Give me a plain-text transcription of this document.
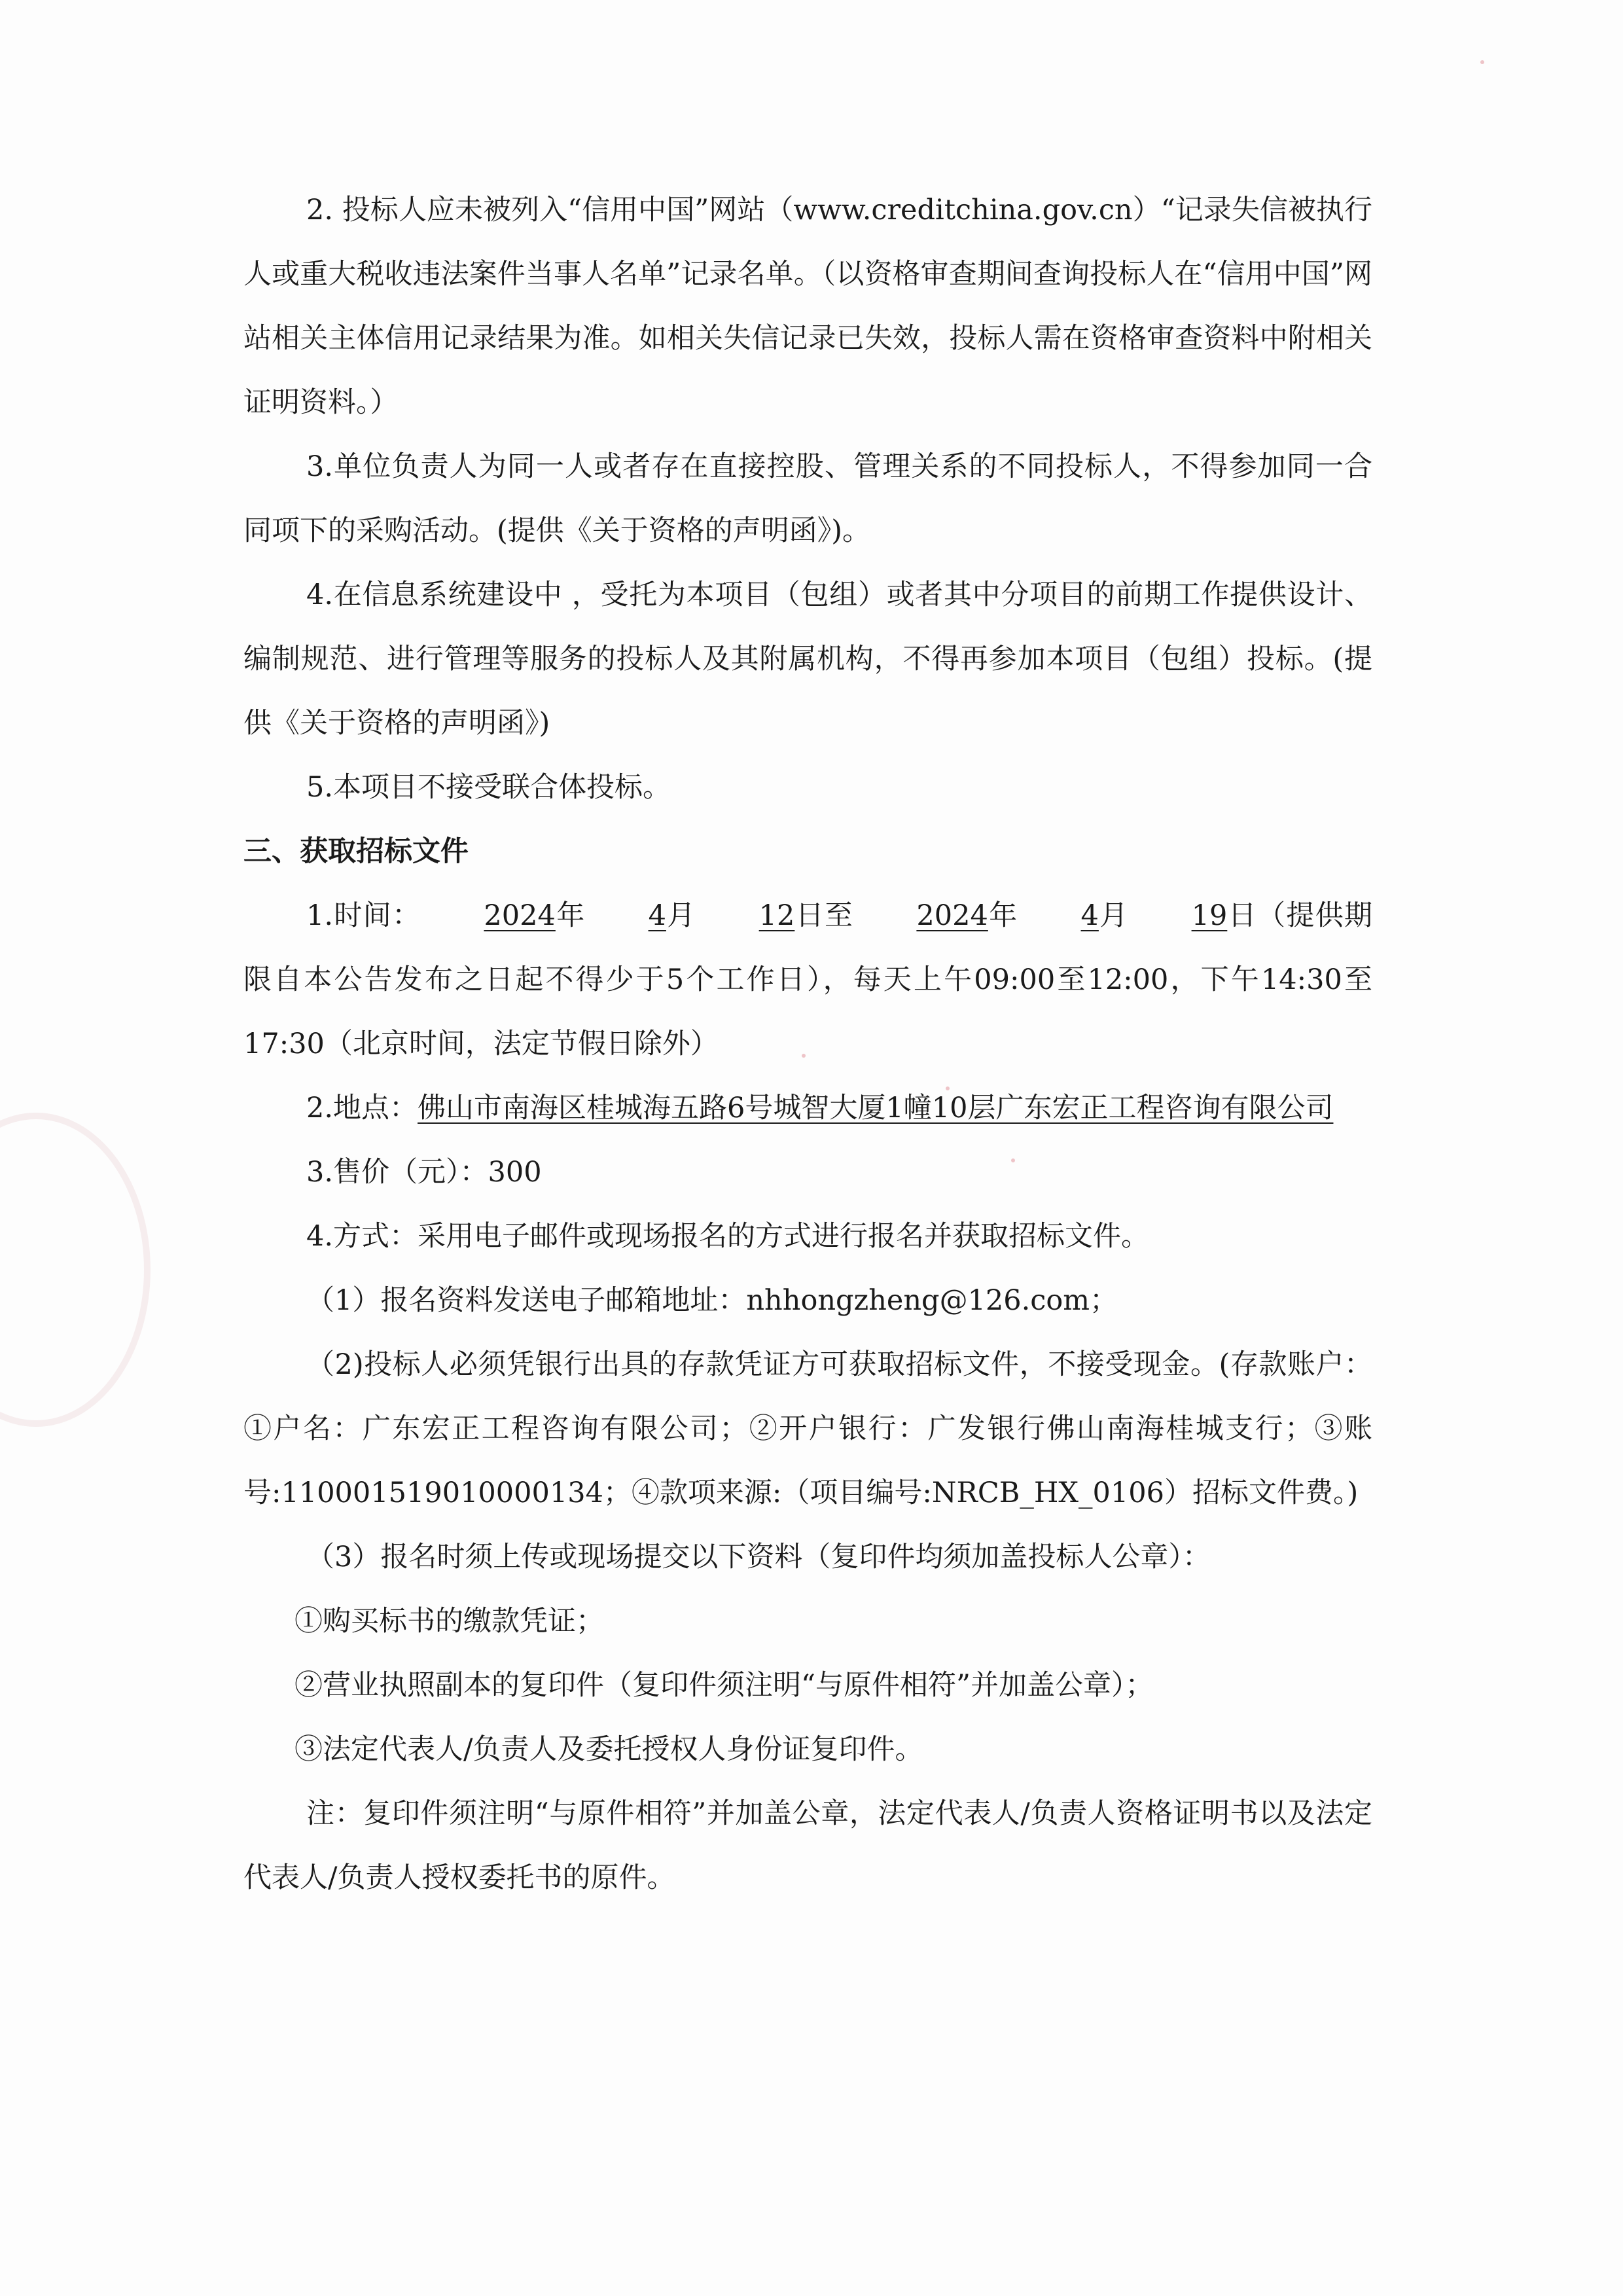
2. 投标人应未被列入“信用中国”网站（www.creditchina.gov.cn）“记录失信被执行人或重大税收违法案件当事人名单”记录名单。（以资格审查期间查询投标人在“信用中国”网站相关主体信用记录结果为准。如相关失信记录已失效，投标人需在资格审查资料中附相关证明资料。）

3.单位负责人为同一人或者存在直接控股、管理关系的不同投标人，不得参加同一合同项下的采购活动。(提供《关于资格的声明函》)。

4.在信息系统建设中 ，受托为本项目（包组）或者其中分项目的前期工作提供设计、编制规范、进行管理等服务的投标人及其附属机构，不得再参加本项目（包组）投标。(提供《关于资格的声明函》)

5.本项目不接受联合体投标。

三、获取招标文件

1.时间： 2024年 4月 12日至 2024年 4月 19日（提供期限自本公告发布之日起不得少于5个工作日），每天上午09:00至12:00，下午14:30至17:30（北京时间，法定节假日除外）

2.地点：佛山市南海区桂城海五路6号城智大厦1幢10层广东宏正工程咨询有限公司

3.售价（元）：300

4.方式：采用电子邮件或现场报名的方式进行报名并获取招标文件。

（1）报名资料发送电子邮箱地址：nhhongzheng@126.com；

（2)投标人必须凭银行出具的存款凭证方可获取招标文件，不接受现金。(存款账户：①户名：广东宏正工程咨询有限公司；②开户银行：广发银行佛山南海桂城支行；③账号:110001519010000134；④款项来源:（项目编号:NRCB_HX_0106）招标文件费。)

（3）报名时须上传或现场提交以下资料（复印件均须加盖投标人公章）：

①购买标书的缴款凭证；

②营业执照副本的复印件（复印件须注明“与原件相符”并加盖公章）；

③法定代表人/负责人及委托授权人身份证复印件。

注：复印件须注明“与原件相符”并加盖公章，法定代表人/负责人资格证明书以及法定代表人/负责人授权委托书的原件。
